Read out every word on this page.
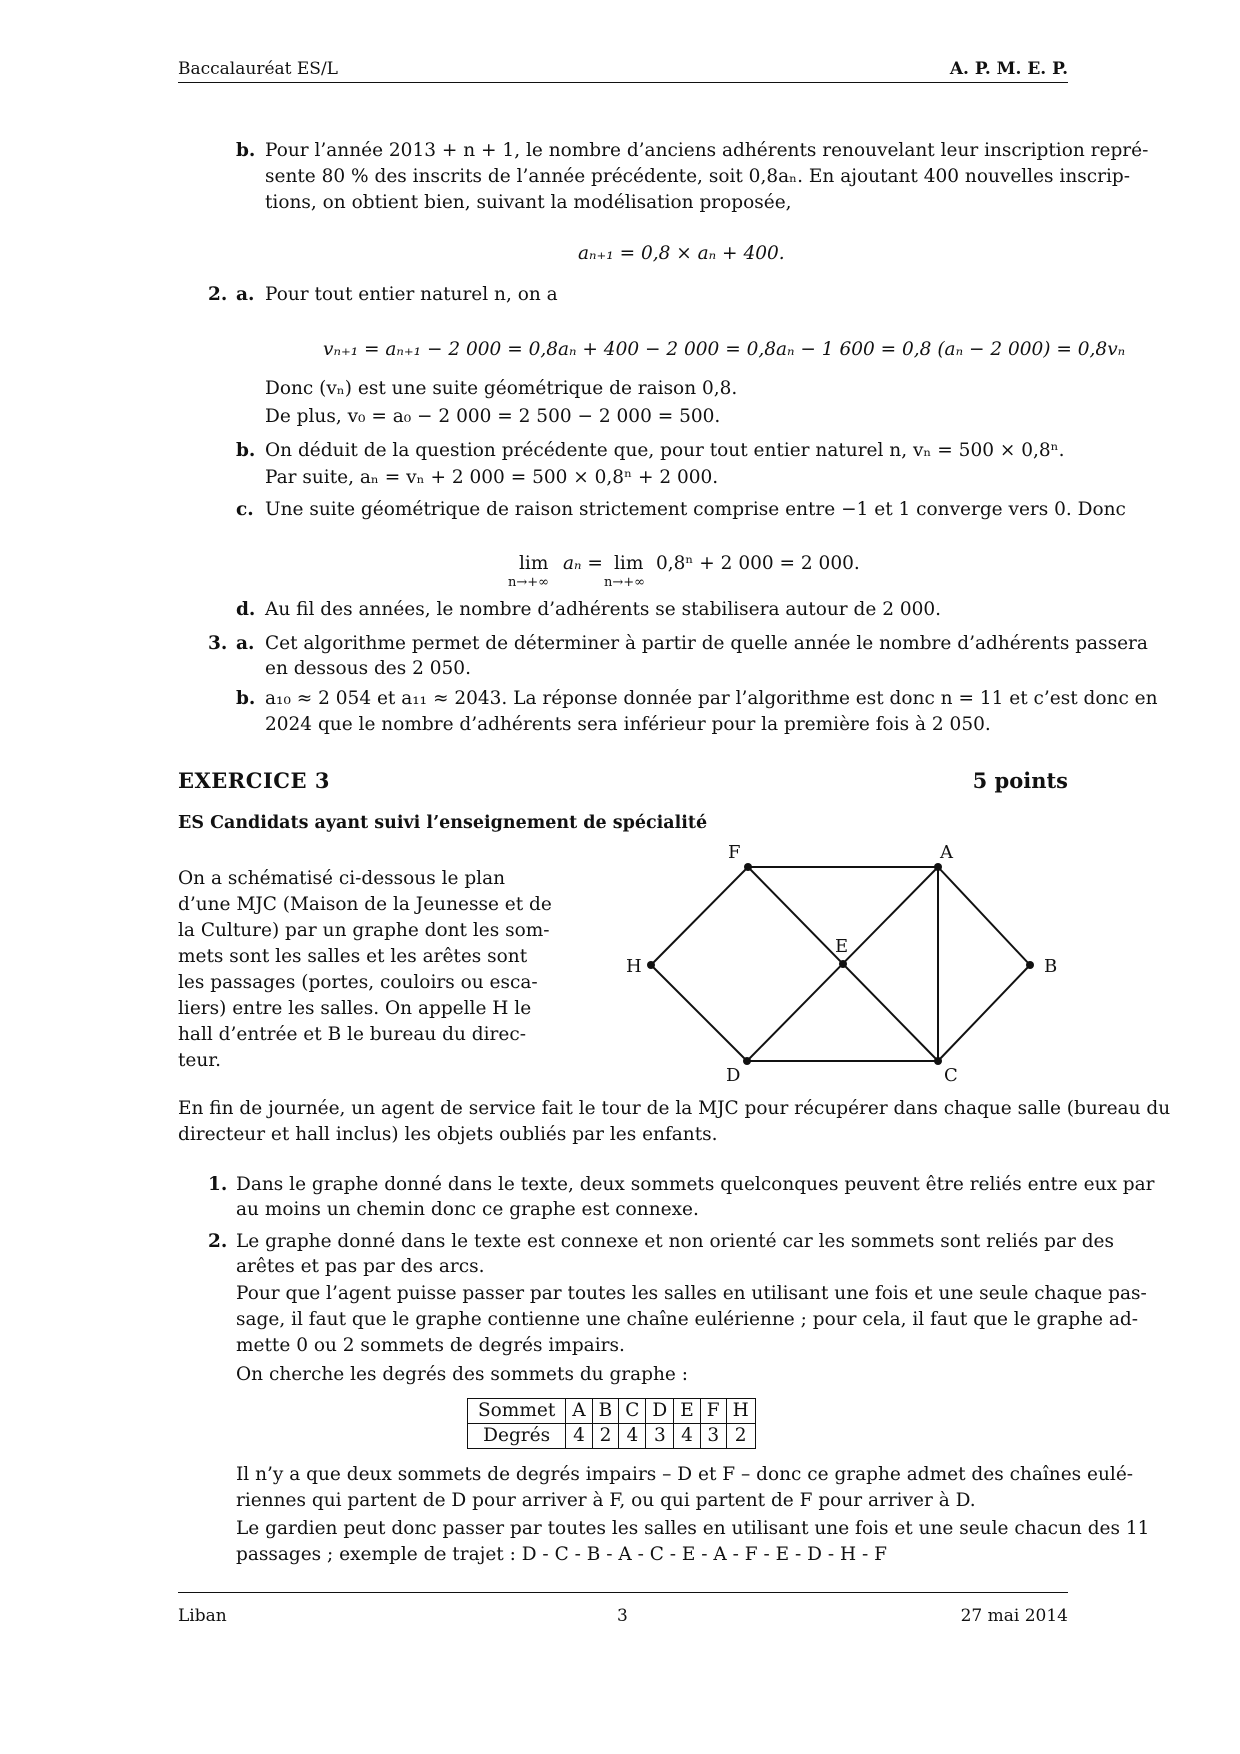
Baccalauréat ES/L	A. P. M. E. P.
b. Pour l’année 2013 + n + 1, le nombre d’anciens adhérents renouvelant leur inscription repré-
sente 80 % des inscrits de l’année précédente, soit 0,8aₙ. En ajoutant 400 nouvelles inscrip-
tions, on obtient bien, suivant la modélisation proposée,
aₙ₊₁ = 0,8 × aₙ + 400.
2. a. Pour tout entier naturel n, on a
vₙ₊₁ = aₙ₊₁ − 2 000 = 0,8aₙ + 400 − 2 000 = 0,8aₙ − 1 600 = 0,8 (aₙ − 2 000) = 0,8vₙ
Donc (vₙ) est une suite géométrique de raison 0,8.
De plus, v₀ = a₀ − 2 000 = 2 500 − 2 000 = 500.
b. On déduit de la question précédente que, pour tout entier naturel n, vₙ = 500 × 0,8ⁿ.
Par suite, aₙ = vₙ + 2 000 = 500 × 0,8ⁿ + 2 000.
c. Une suite géométrique de raison strictement comprise entre −1 et 1 converge vers 0. Donc
lim
n→+∞
aₙ = lim
n→+∞
0,8ⁿ + 2 000 = 2 000.
d. Au fil des années, le nombre d’adhérents se stabilisera autour de 2 000.
3. a. Cet algorithme permet de déterminer à partir de quelle année le nombre d’adhérents passera
en dessous des 2 050.
b. a₁₀ ≈ 2 054 et a₁₁ ≈ 2043. La réponse donnée par l’algorithme est donc n = 11 et c’est donc en
2024 que le nombre d’adhérents sera inférieur pour la première fois à 2 050.
EXERCICE 3	5 points
ES Candidats ayant suivi l’enseignement de spécialité
On a schématisé ci-dessous le plan
d’une MJC (Maison de la Jeunesse et de
la Culture) par un graphe dont les som-
mets sont les salles et les arêtes sont
les passages (portes, couloirs ou esca-
liers) entre les salles. On appelle H le
hall d’entrée et B le bureau du direc-
teur.
F	A
E
H	B
D	C
En fin de journée, un agent de service fait le tour de la MJC pour récupérer dans chaque salle (bureau du
directeur et hall inclus) les objets oubliés par les enfants.
1. Dans le graphe donné dans le texte, deux sommets quelconques peuvent être reliés entre eux par
au moins un chemin donc ce graphe est connexe.
2. Le graphe donné dans le texte est connexe et non orienté car les sommets sont reliés par des
arêtes et pas par des arcs.
Pour que l’agent puisse passer par toutes les salles en utilisant une fois et une seule chaque pas-
sage, il faut que le graphe contienne une chaîne eulérienne ; pour cela, il faut que le graphe ad-
mette 0 ou 2 sommets de degrés impairs.
On cherche les degrés des sommets du graphe :
Sommet	A	B	C	D	E	F	H
Degrés	4	2	4	3	4	3	2
Il n’y a que deux sommets de degrés impairs – D et F – donc ce graphe admet des chaînes eulé-
riennes qui partent de D pour arriver à F, ou qui partent de F pour arriver à D.
Le gardien peut donc passer par toutes les salles en utilisant une fois et une seule chacun des 11
passages ; exemple de trajet : D - C - B - A - C - E - A - F - E - D - H - F
Liban	3	27 mai 2014
